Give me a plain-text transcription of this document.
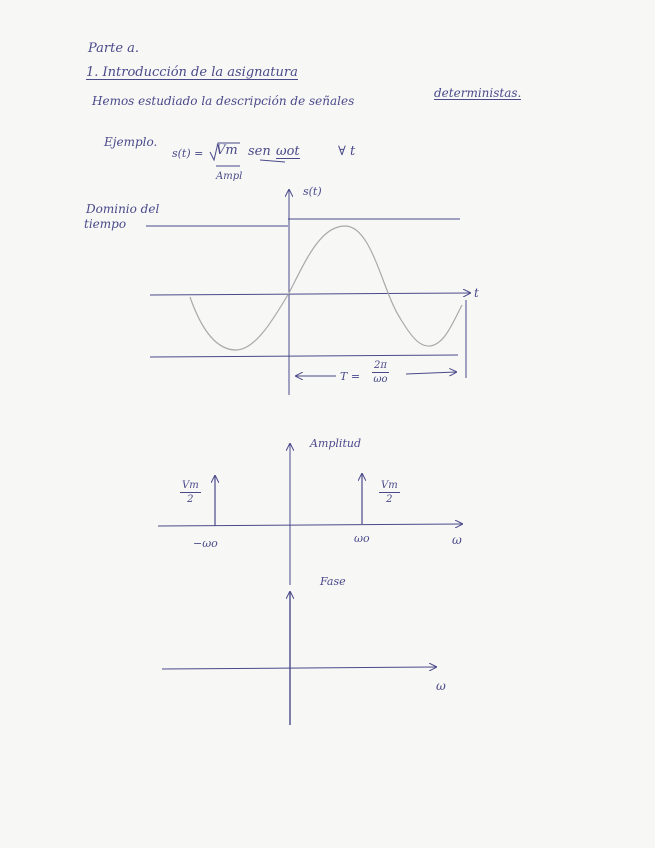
Parte a.
1. Introducción de la asignatura
Hemos estudiado la descripción de señales
deterministas.
Ejemplo.
s(t) = Vm sen ωot	∀ t
Ampl
Dominio del
tiempo
s(t)
t
$T = \frac{2\pi}{\omega o}$
Amplitud
$\frac{Vm}{2}$	$\frac{Vm}{2}$
−ωo	ωo	ω
Fase
ω
